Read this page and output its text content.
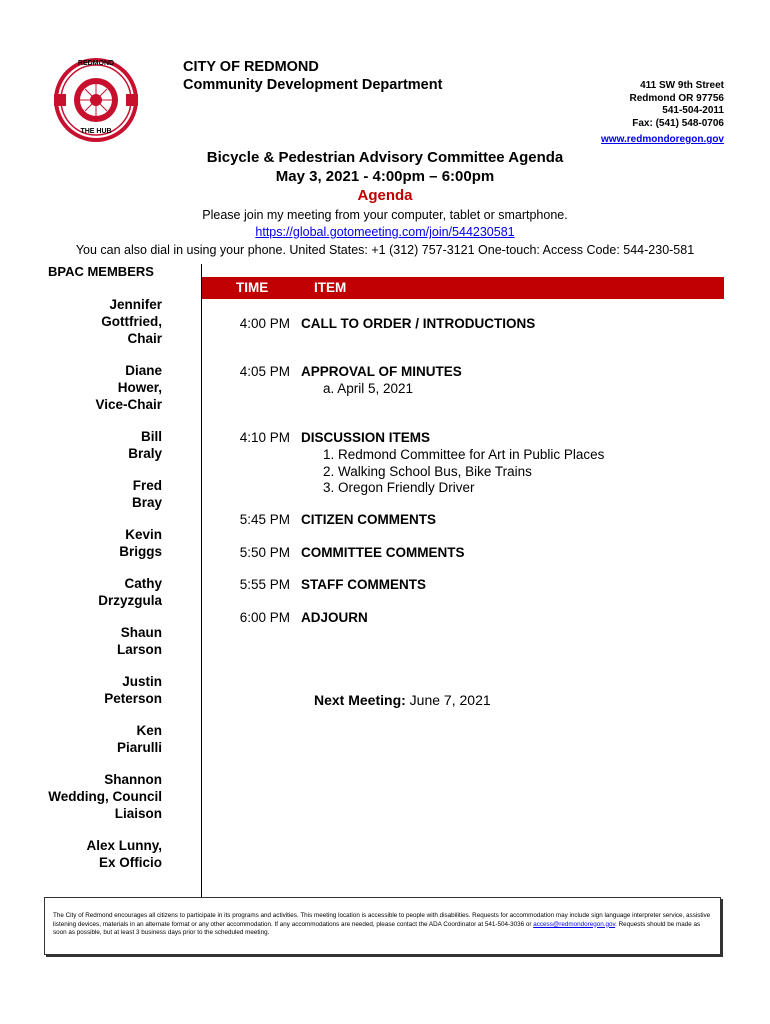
REDMOND
THE HUB
CITY OF REDMOND
Community Development Department	411 SW 9th Street
Redmond OR 97756
541-504-2011
Fax: (541) 548-0706
www.redmondoregon.gov
Bicycle & Pedestrian Advisory Committee Agenda
May 3, 2021 - 4:00pm – 6:00pm
Agenda
Please join my meeting from your computer, tablet or smartphone.
https://global.gotomeeting.com/join/544230581
You can also dial in using your phone. United States: +1 (312) 757-3121 One-touch: Access Code: 544-230-581
BPAC MEMBERS
Jennifer
Gottfried,
Chair
Diane
Hower,
Vice-Chair
Bill
Braly
Fred
Bray
Kevin
Briggs
Cathy
Drzyzgula
Shaun
Larson
Justin
Peterson
Ken
Piarulli
Shannon
Wedding, Council
Liaison
Alex Lunny,
Ex Officio
TIME	ITEM
4:00 PM CALL TO ORDER / INTRODUCTIONS
4:05 PM APPROVAL OF MINUTES
a. April 5, 2021
4:10 PM DISCUSSION ITEMS
1. Redmond Committee for Art in Public Places
2. Walking School Bus, Bike Trains
3. Oregon Friendly Driver
5:45 PM CITIZEN COMMENTS
5:50 PM COMMITTEE COMMENTS
5:55 PM STAFF COMMENTS
6:00 PM ADJOURN
Next Meeting: June 7, 2021
The City of Redmond encourages all citizens to participate in its programs and activities. This meeting location is accessible to people with disabilities. Requests for accommodation may include sign language interpreter service, assistive listening devices, materials in an alternate format or any other accommodation. If any accommodations are needed, please contact the ADA Coordinator at 541-504-3036 or access@redmondoregon.gov. Requests should be made as soon as possible, but at least 3 business days prior to the scheduled meeting.
